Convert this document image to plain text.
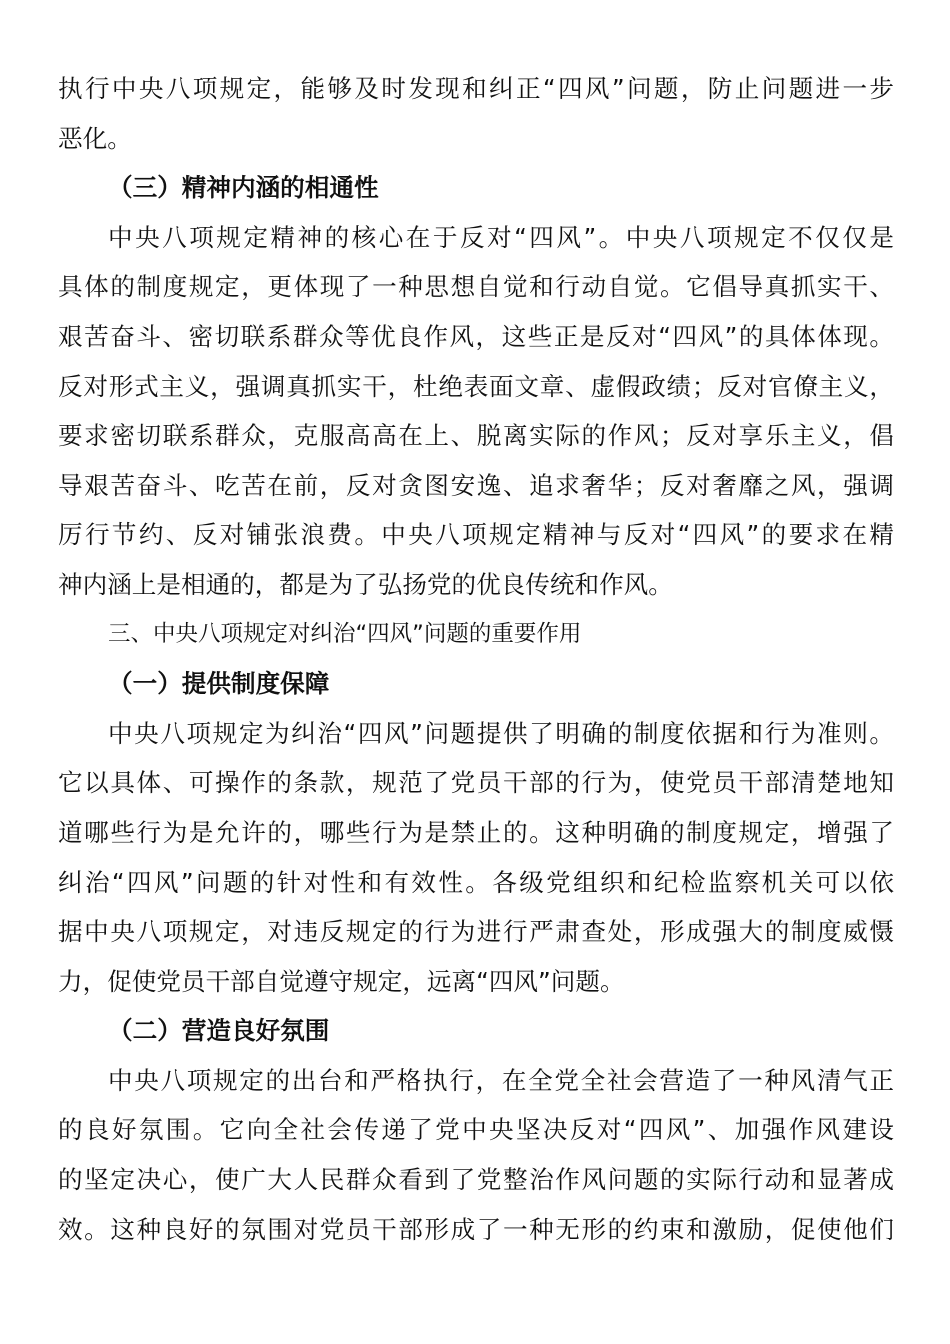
执行中央八项规定，能够及时发现和纠正“四风”问题，防止问题进一步
恶化。
（三）精神内涵的相通性
中央八项规定精神的核心在于反对“四风”。中央八项规定不仅仅是
具体的制度规定，更体现了一种思想自觉和行动自觉。它倡导真抓实干、
艰苦奋斗、密切联系群众等优良作风，这些正是反对“四风”的具体体现。
反对形式主义，强调真抓实干，杜绝表面文章、虚假政绩；反对官僚主义，
要求密切联系群众，克服高高在上、脱离实际的作风；反对享乐主义，倡
导艰苦奋斗、吃苦在前，反对贪图安逸、追求奢华；反对奢靡之风，强调
厉行节约、反对铺张浪费。中央八项规定精神与反对“四风”的要求在精
神内涵上是相通的，都是为了弘扬党的优良传统和作风。
三、中央八项规定对纠治“四风”问题的重要作用
（一）提供制度保障
中央八项规定为纠治“四风”问题提供了明确的制度依据和行为准则。
它以具体、可操作的条款，规范了党员干部的行为，使党员干部清楚地知
道哪些行为是允许的，哪些行为是禁止的。这种明确的制度规定，增强了
纠治“四风”问题的针对性和有效性。各级党组织和纪检监察机关可以依
据中央八项规定，对违反规定的行为进行严肃查处，形成强大的制度威慑
力，促使党员干部自觉遵守规定，远离“四风”问题。
（二）营造良好氛围
中央八项规定的出台和严格执行，在全党全社会营造了一种风清气正
的良好氛围。它向全社会传递了党中央坚决反对“四风”、加强作风建设
的坚定决心，使广大人民群众看到了党整治作风问题的实际行动和显著成
效。这种良好的氛围对党员干部形成了一种无形的约束和激励，促使他们
